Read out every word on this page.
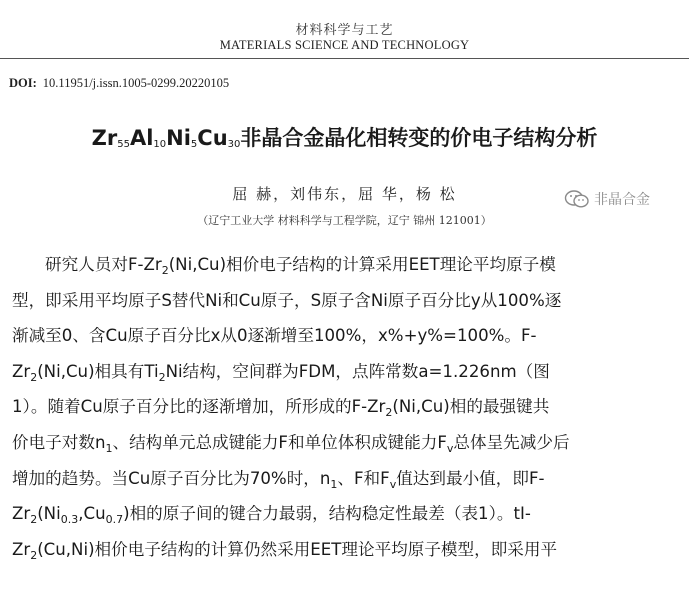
材料科学与工艺
MATERIALS SCIENCE AND TECHNOLOGY
DOI: 10.11951/j.issn.1005-0299.20220105
$Zr_{55}Al_{10}Ni_5Cu_{30}$非晶合金晶化相转变的价电子结构分析
屈 赫，刘伟东，屈 华，杨 松
（辽宁工业大学 材料科学与工程学院，辽宁 锦州 121001）
非晶合金
研究人员对$F-Zr_2(Ni,Cu)$相价电子结构的计算采用EET理论平均原子模
型，即采用平均原子S替代Ni和Cu原子，S原子含Ni原子百分比y从100%逐
渐减至0、含Cu原子百分比x从0逐渐增至100%，x%+y%=100%。F-
$Zr_2(Ni,Cu)$相具有$Ti_2Ni$结构，空间群为FDM，点阵常数a=1.226nm（图
1）。随着Cu原子百分比的逐渐增加，所形成的$F-Zr_2(Ni,Cu)$相的最强键共
价电子对数$n_1$、结构单元总成键能力F和单位体积成键能力$F_v$总体呈先减少后
增加的趋势。当Cu原子百分比为70%时，$n_1$、F和$F_v$值达到最小值，即F-
$Zr_2(Ni_{0.3},Cu_{0.7})$相的原子间的键合力最弱，结构稳定性最差（表1）。tI-
$Zr_2(Cu,Ni)$相价电子结构的计算仍然采用EET理论平均原子模型，即采用平
